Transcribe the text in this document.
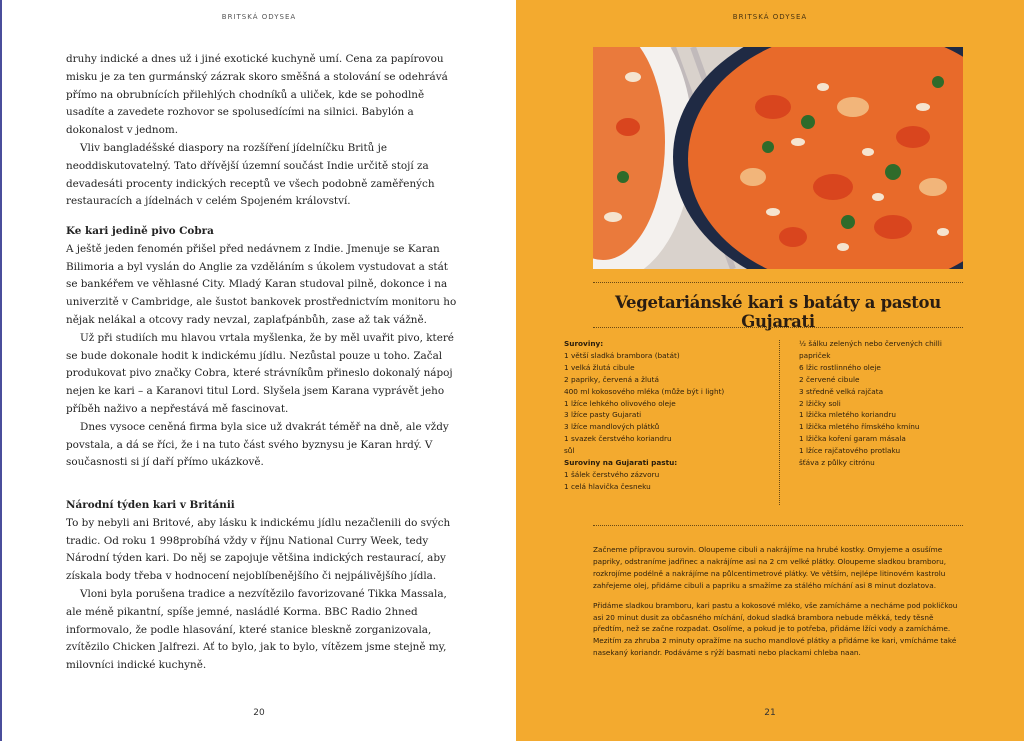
BRITSKÁ ODYSEA

druhy indické a dnes už i jiné exotické kuchyně umí. Cena za papírovou misku je za ten gurmánský zázrak skoro směšná a stolování se odehrává přímo na obrubnících přilehlých chodníků a uliček, kde se pohodlně usadíte a zavedete rozhovor se spolusedícími na silnici. Babylón a dokonalost v jednom.

Vliv bangladéšské diaspory na rozšíření jídelníčku Britů je neoddiskutovatelný. Tato dřívější územní součást Indie určitě stojí za devadesáti procenty indických receptů ve všech podobně zaměřených restauracích a jídelnách v celém Spojeném království.

Ke kari jedině pivo Cobra

A ještě jeden fenomén přišel před nedávnem z Indie. Jmenuje se Karan Bilimoria a byl vyslán do Anglie za vzděláním s úkolem vystudovat a stát se bankéřem ve věhlasné City. Mladý Karan studoval pilně, dokonce i na univerzitě v Cambridge, ale šustot bankovek prostřednictvím monitoru ho nějak nelákal a otcovy rady nevzal, zaplaťpánbůh, zase až tak vážně.

Už při studiích mu hlavou vrtala myšlenka, že by měl uvařit pivo, které se bude dokonale hodit k indickému jídlu. Nezůstal pouze u toho. Začal produkovat pivo značky Cobra, které strávníkům přineslo dokonalý nápoj nejen ke kari – a Karanovi titul Lord. Slyšela jsem Karana vyprávět jeho příběh naživo a nepřestává mě fascinovat.

Dnes vysoce ceněná firma byla sice už dvakrát téměř na dně, ale vždy povstala, a dá se říci, že i na tuto část svého byznysu je Karan hrdý. V současnosti si jí daří přímo ukázkově.

Národní týden kari v Británii

To by nebyli ani Britové, aby lásku k indickému jídlu nezačlenili do svých tradic. Od roku 1 998probíhá vždy v říjnu National Curry Week, tedy Národní týden kari. Do něj se zapojuje většina indických restaurací, aby získala body třeba v hodnocení nejoblíbenějšího či nejpálivějšího jídla.

Vloni byla porušena tradice a nezvítězilo favorizované Tikka Massala, ale méně pikantní, spíše jemné, nasládlé Korma. BBC Radio 2hned informovalo, že podle hlasování, které stanice bleskně zorganizovala, zvítězilo Chicken Jalfrezi. Ať to bylo, jak to bylo, vítězem jsme stejně my, milovníci indické kuchyně.

20
BRITSKÁ ODYSEA
Vegetariánské kari s batáty a pastou Gujarati
Suroviny:
1 větší sladká brambora (batát)
1 velká žlutá cibule
2 papriky, červená a žlutá
400 ml kokosového mléka (může být i light)
1 lžíce lehkého olivového oleje
3 lžíce pasty Gujarati
3 lžíce mandlových plátků
1 svazek čerstvého koriandru
sůl
Suroviny na Gujarati pastu:
1 šálek čerstvého zázvoru
1 celá hlavička česneku
½ šálku zelených nebo červených chilli papriček
6 lžic rostlinného oleje
2 červené cibule
3 středně velká rajčata
2 lžičky soli
1 lžička mletého koriandru
1 lžička mletého římského kmínu
1 lžička koření garam másala
1 lžíce rajčatového protlaku
šťáva z půlky citrónu

Začneme přípravou surovin. Oloupeme cibuli a nakrájíme na hrubé kostky. Omyjeme a osušíme papriky, odstraníme jadřinec a nakrájíme asi na 2 cm velké plátky. Oloupeme sladkou bramboru, rozkrojíme podélně a nakrájíme na půlcentimetrové plátky. Ve větším, nejlépe litinovém kastrolu zahřejeme olej, přidáme cibuli a papriku a smažíme za stálého míchání asi 8 minut dozlatova.

Přidáme sladkou bramboru, kari pastu a kokosové mléko, vše zamícháme a necháme pod pokličkou asi 20 minut dusit za občasného míchání, dokud sladká brambora nebude měkká, tedy těsně předtím, než se začne rozpadat. Osolíme, a pokud je to potřeba, přidáme lžíci vody a zamícháme. Mezitím za zhruba 2 minuty opražíme na sucho mandlové plátky a přidáme ke kari, vmícháme také nasekaný koriandr. Podáváme s rýží basmati nebo plackami chleba naan.

21
